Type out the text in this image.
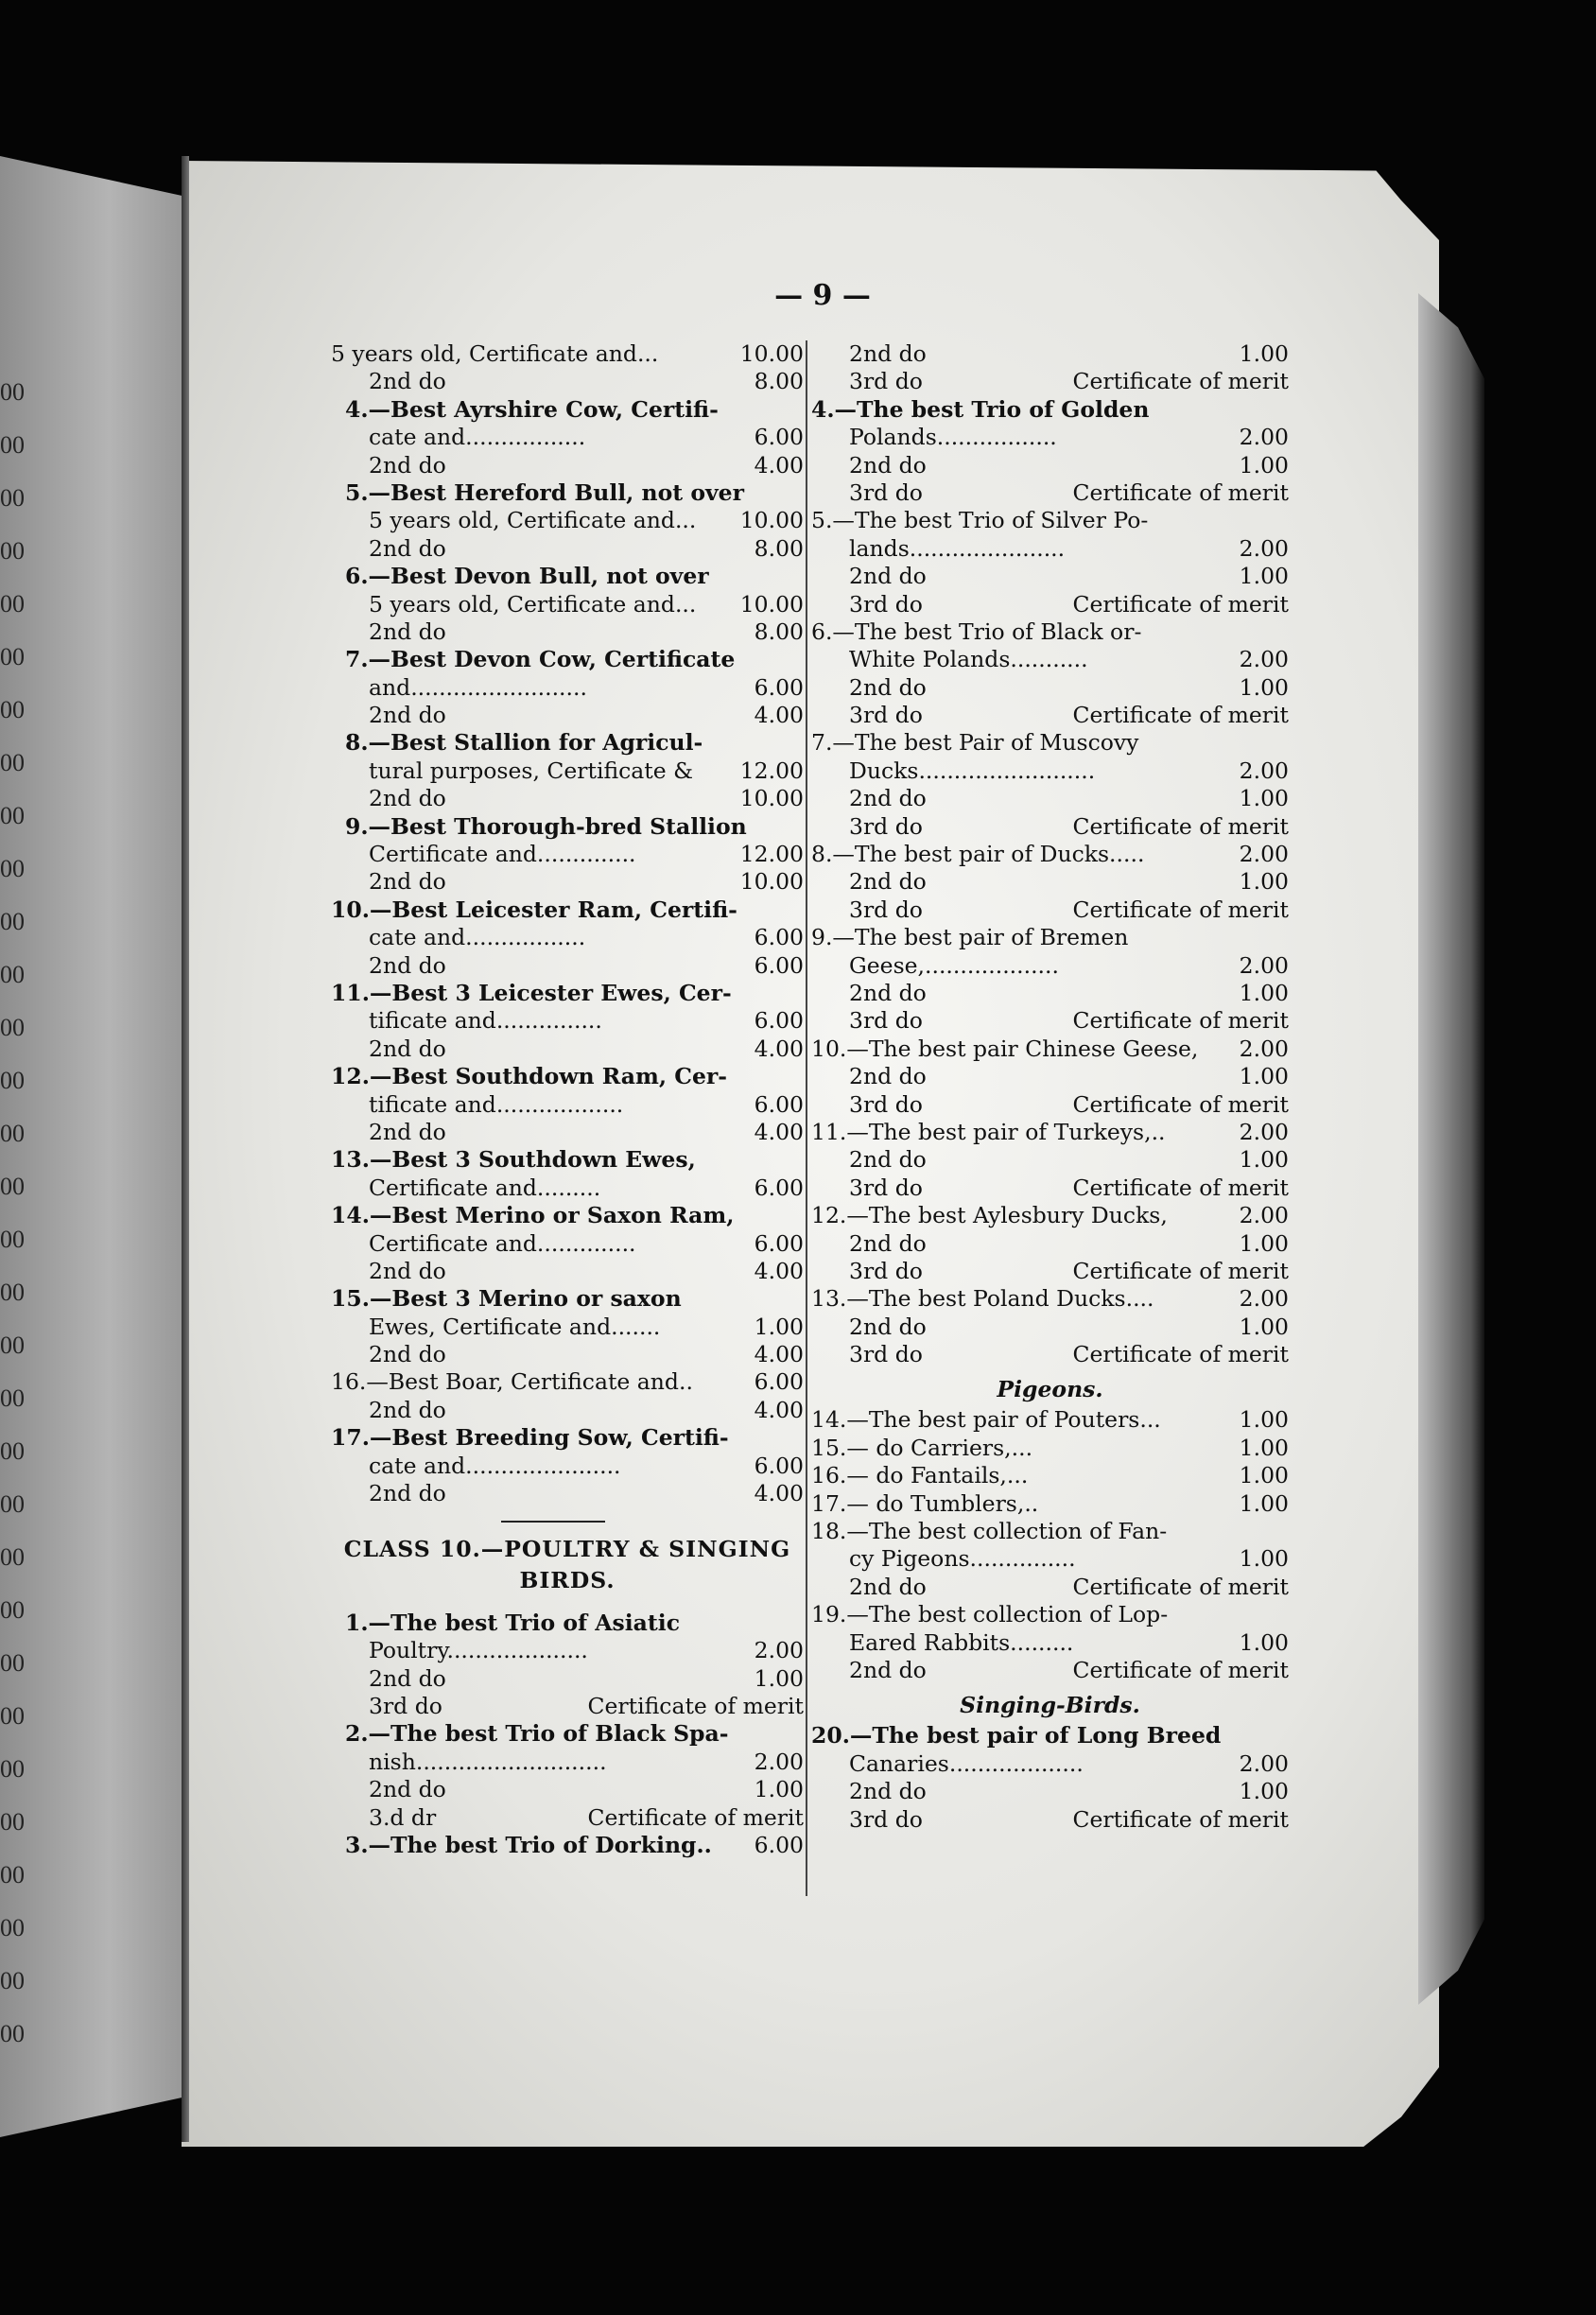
00
00
00
00
00
00
00
00
00
00
00
00
00
00
00
00
00
00
00
00
00
00
00
00
00
00
00
00
00
00
00
00
— 9 —
5 years old, Certificate and...	10.00
2nd do	8.00
4.—Best Ayrshire Cow, Certifi-
cate and.................	6.00
2nd do	4.00
5.—Best Hereford Bull, not over
5 years old, Certificate and... 10.00
2nd do	8.00
6.—Best Devon Bull, not over
5 years old, Certificate and... 10.00
2nd do	8.00
7.—Best Devon Cow, Certificate
and.........................	6.00
2nd do	4.00
8.—Best Stallion for Agricul-
tural purposes, Certificate & 12.00
2nd do	10.00
9.—Best Thorough-bred Stallion
Certificate and..............	12.00
2nd do	10.00
10.—Best Leicester Ram, Certifi-
cate and.................	6.00
2nd do	6.00
11.—Best 3 Leicester Ewes, Cer-
tificate and...............	6.00
2nd do	4.00
12.—Best Southdown Ram, Cer-
tificate and..................	6.00
2nd do	4.00
13.—Best 3 Southdown Ewes,
Certificate and.........	6.00
14.—Best Merino or Saxon Ram,
Certificate and..............	6.00
2nd do	4.00
15.—Best 3 Merino or saxon
Ewes, Certificate and.......	1.00
2nd do	4.00
16.—Best Boar, Certificate and..	6.00
2nd do	4.00
17.—Best Breeding Sow, Certifi-
cate and......................	6.00
2nd do	4.00
CLASS 10.—POULTRY & SINGING
BIRDS.
1.—The best Trio of Asiatic
Poultry....................	2.00
2nd do	1.00
3rd do	Certificate of merit
2.—The best Trio of Black Spa-
nish...........................	2.00
2nd do	1.00
3.d dr	Certificate of merit
3.—The best Trio of Dorking.. 6.00
2nd do	1.00
3rd do	Certificate of merit
4.—The best Trio of Golden
Polands.................	2.00
2nd do	1.00
3rd do	Certificate of merit
5.—The best Trio of Silver Po-
lands......................	2.00
2nd do	1.00
3rd do	Certificate of merit
6.—The best Trio of Black or-
White Polands...........	2.00
2nd do	1.00
3rd do	Certificate of merit
7.—The best Pair of Muscovy
Ducks.........................	2.00
2nd do	1.00
3rd do	Certificate of merit
8.—The best pair of Ducks.....	2.00
2nd do	1.00
3rd do	Certificate of merit
9.—The best pair of Bremen
Geese,...................	2.00
2nd do	1.00
3rd do	Certificate of merit
10.—The best pair Chinese Geese, 2.00
2nd do	1.00
3rd do	Certificate of merit
11.—The best pair of Turkeys,..	2.00
2nd do	1.00
3rd do	Certificate of merit
12.—The best Aylesbury Ducks,	2.00
2nd do	1.00
3rd do	Certificate of merit
13.—The best Poland Ducks....	2.00
2nd do	1.00
3rd do	Certificate of merit
Pigeons.
14.—The best pair of Pouters...	1.00
15.— do Carriers,...	1.00
16.— do Fantails,...	1.00
17.— do Tumblers,..	1.00
18.—The best collection of Fan-
cy Pigeons...............	1.00
2nd do	Certificate of merit
19.—The best collection of Lop-
Eared Rabbits.........	1.00
2nd do	Certificate of merit
Singing-Birds.
20.—The best pair of Long Breed
Canaries...................	2.00
2nd do	1.00
3rd do	Certificate of merit
